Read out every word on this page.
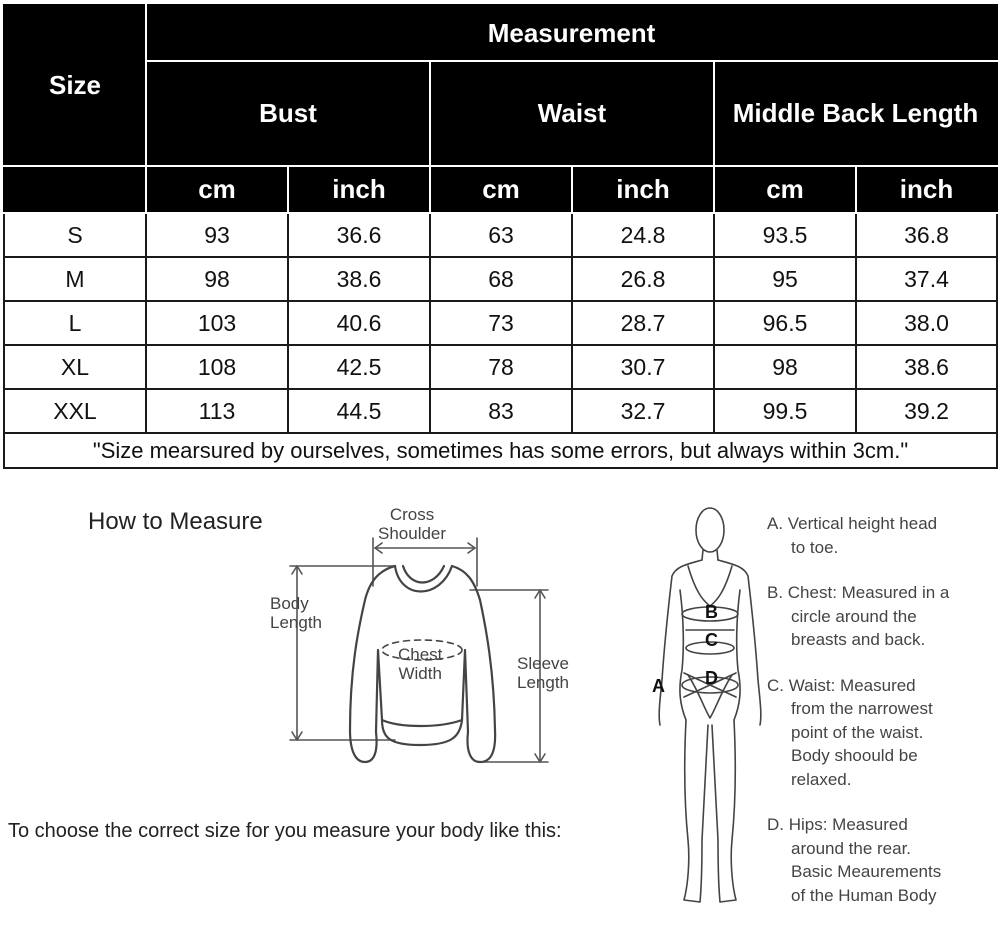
Size	Measurement					
	Bust		Waist		Middle Back Length	
	cm	inch	cm	inch	cm	inch
S	93	36.6	63	24.8	93.5	36.8
M	98	38.6	68	26.8	95	37.4
L	103	40.6	73	28.7	96.5	38.0
XL	108	42.5	78	30.7	98	38.6
XXL	113	44.5	83	32.7	99.5	39.2
"Size mearsured by ourselves, sometimes has some errors, but always within 3cm."						
How to Measure
To choose the correct size for you measure your body like this:
Cross
Shoulder
Body
Length
Chest
Width
Sleeve
Length	A
B
C
D
A. Vertical height head
to toe.
B. Chest: Measured in a
circle around the
breasts and back.
C. Waist: Measured
from the narrowest
point of the waist.
Body shoould be
relaxed.
D. Hips: Measured
around the rear.
Basic Meaurements
of the Human Body
